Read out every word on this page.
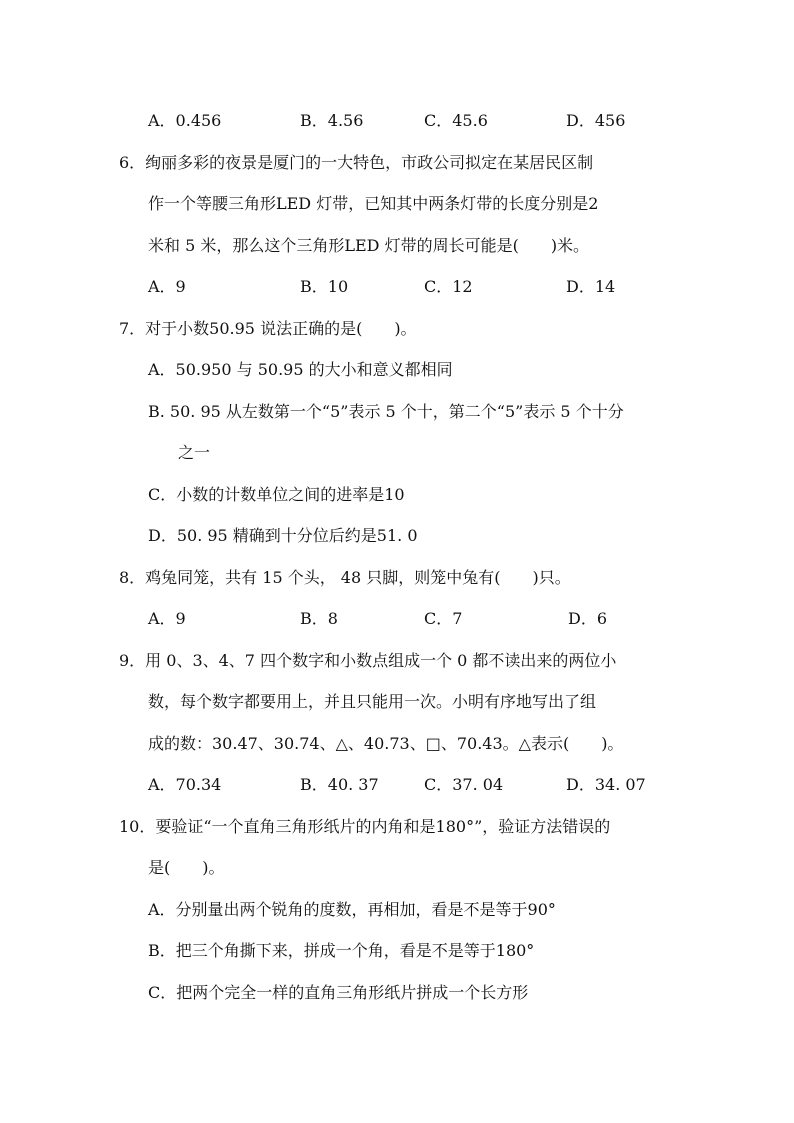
A．0.456	B．4.56	C．45.6	D．456
6．绚丽多彩的夜景是厦门的一大特色，市政公司拟定在某居民区制
作一个等腰三角形LED 灯带，已知其中两条灯带的长度分别是2
米和 5 米，那么这个三角形LED 灯带的周长可能是(　　)米。
A．9	B．10	C．12	D．14
7．对于小数50.95 说法正确的是(　　)。
A．50.950 与 50.95 的大小和意义都相同
B. 50. 95 从左数第一个“5”表示 5 个十，第二个“5”表示 5 个十分
之一
C．小数的计数单位之间的进率是10
D．50. 95 精确到十分位后约是51. 0
8．鸡兔同笼，共有 15 个头， 48 只脚，则笼中兔有(　　)只。
A．9	B．8	C．7	D．6
9．用 0、3、4、7 四个数字和小数点组成一个 0 都不读出来的两位小
数，每个数字都要用上，并且只能用一次。小明有序地写出了组
成的数：30.47、30.74、△、40.73、□、70.43。△表示(　　)。
A．70.34	B．40. 37	C．37. 04	D．34. 07
10．要验证“一个直角三角形纸片的内角和是180°”，验证方法错误的
是(　　)。
A．分别量出两个锐角的度数，再相加，看是不是等于90°
B．把三个角撕下来，拼成一个角，看是不是等于180°
C．把两个完全一样的直角三角形纸片拼成一个长方形
